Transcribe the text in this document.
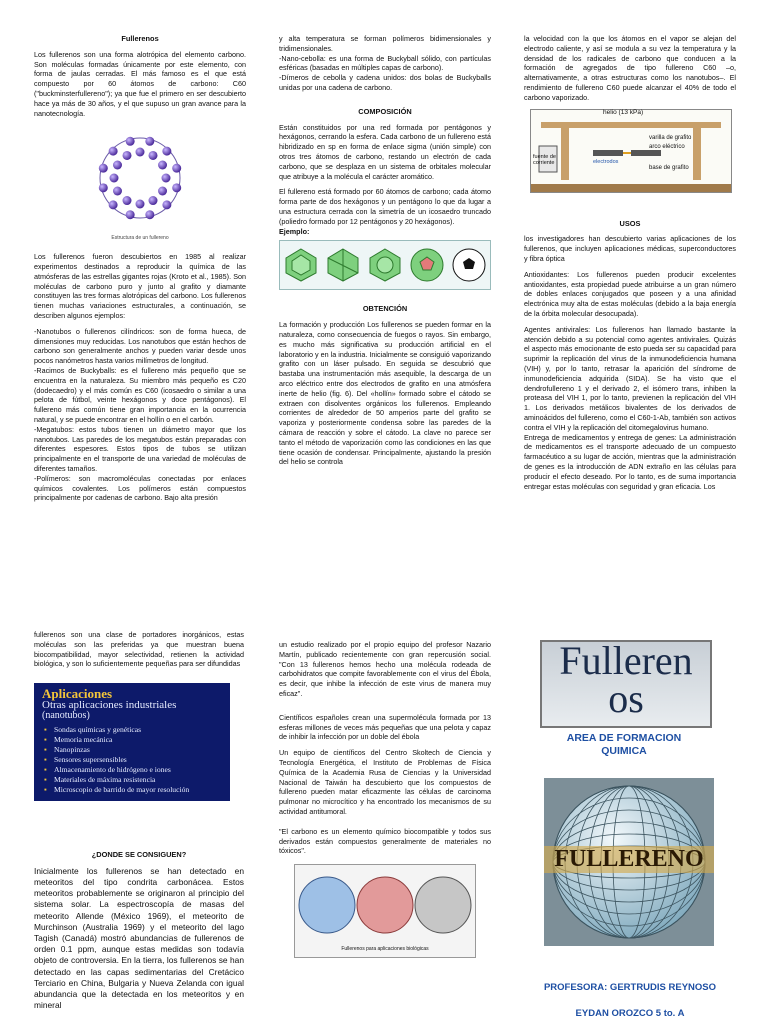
Fullerenos

Los fullerenos son una forma alotrópica del elemento carbono. Son moléculas formadas únicamente por este elemento, con forma de jaulas cerradas. El más famoso es el que está compuesto por 60 átomos de carbono: C60 ("buckminsterfullereno"); ya que fue el primero en ser descubierto hace ya más de 30 años, y el que supuso un gran avance para la nanotecnología.

Estructura de un fullereno

Los fullerenos fueron descubiertos en 1985 al realizar experimentos destinados a reproducir la química de las atmósferas de las estrellas gigantes rojas (Kroto et al., 1985). Son moléculas de carbono puro y junto al grafito y diamante constituyen las tres formas alotrópicas del carbono. Los fullerenos tienen muchas variaciones estructurales, a continuación, se describen algunos ejemplos:

-Nanotubos o fullerenos cilíndricos: son de forma hueca, de dimensiones muy reducidas. Los nanotubos que están hechos de carbono son generalmente anchos y pueden variar desde unos pocos nanómetros hasta varios milímetros de longitud.
-Racimos de Buckyballs: es el fullereno más pequeño que se encuentra en la naturaleza. Su miembro más pequeño es C20 (dodecaedro) y el más común es C60 (icosaedro o similar a una pelota de fútbol, veinte hexágonos y doce pentágonos). El fullereno más común tiene gran importancia en la ocurrencia natural, y se puede encontrar en el hollín o en el carbón.
-Megatubos: estos tubos tienen un diámetro mayor que los nanotubos. Las paredes de los megatubos están preparadas con diferentes espesores. Estos tipos de tubos se utilizan principalmente en el transporte de una variedad de moléculas de diferentes tamaños.
-Polímeros: son macromoléculas conectadas por enlaces químicos covalentes. Los polímeros están compuestos principalmente por cadenas de carbono. Bajo alta presión

y alta temperatura se forman polímeros bidimensionales y tridimensionales.
-Nano-cebolla: es una forma de Buckyball sólido, con partículas esféricas (basadas en múltiples capas de carbono).
-Dímeros de cebolla y cadena unidos: dos bolas de Buckyballs unidas por una cadena de carbono.

COMPOSICIÓN

Están constituidos por una red formada por pentágonos y hexágonos, cerrando la esfera. Cada carbono de un fullereno está hibridizado en sp en forma de enlace sigma (unión simple) con otros tres átomos de carbono, restando un electrón de cada carbono, que se desplaza en un sistema de orbitales molecular que atribuye a la molécula el carácter aromático.

El fullereno está formado por 60 átomos de carbono; cada átomo forma parte de dos hexágonos y un pentágono lo que da lugar a una estructura cerrada con la simetría de un icosaedro truncado (poliedro formado por 12 pentágonos y 20 hexágonos).

Ejemplo:
OBTENCIÓN

La formación y producción Los fullerenos se pueden formar en la naturaleza, como consecuencia de fuegos o rayos. Sin embargo, es mucho más significativa su producción artificial en el laboratorio y en la industria. Inicialmente se consiguió vaporizando grafito con un láser pulsado. En seguida se descubrió que bastaba una instrumentación más asequible, la descarga de un arco eléctrico entre dos electrodos de grafito en una atmósfera inerte de helio (fig. 6). Del «hollín» formado sobre el cátodo se extraen con disolventes orgánicos los fullerenos. Empleando corrientes de alrededor de 50 amperios parte del grafito se vaporiza y posteriormente condensa sobre las paredes de la cámara de reacción y sobre el cátodo. La clave no parece ser tanto el método de vaporización como las condiciones en las que tiene ocasión de condensar. Principalmente, ajustando la presión del helio se controla

la velocidad con la que los átomos en el vapor se alejan del electrodo caliente, y así se modula a su vez la temperatura y la densidad de los radicales de carbono que conducen a la formación de agregados de tipo fullereno C60 –o, alternativamente, a otras estructuras como los nanotubos–. El rendimiento de fullereno C60 puede alcanzar el 40% de todo el carbono vaporizado.

helio (13 kPa)
fuente de corriente	electrodos
varilla de grafito
arco eléctrico
base de grafito
USOS

los investigadores han descubierto varias aplicaciones de los fullerenos, que incluyen aplicaciones médicas, superconductores y fibra óptica

Antioxidantes: Los fullerenos pueden producir excelentes antioxidantes, esta propiedad puede atribuirse a un gran número de dobles enlaces conjugados que poseen y a una afinidad electrónica muy alta de estas moléculas (debido a la baja energía de la órbita molecular desocupada).

Agentes antivirales: Los fullerenos han llamado bastante la atención debido a su potencial como agentes antivirales. Quizás el aspecto más emocionante de esto pueda ser su capacidad para suprimir la replicación del virus de la inmunodeficiencia humana (VIH) y, por lo tanto, retrasar la aparición del síndrome de inmunodeficiencia adquirida (SIDA). Se ha visto que el dendrofullereno 1 y el derivado 2, el isómero trans, inhiben la proteasa del VIH 1, por lo tanto, previenen la replicación del VIH 1. Los derivados metálicos bivalentes de los derivados de aminoácidos del fullereno, como el C60-1-Ab, también son activos contra el VIH y la replicación del citomegalovirus humano.
Entrega de medicamentos y entrega de genes: La administración de medicamentos es el transporte adecuado de un compuesto farmacéutico a su lugar de acción, mientras que la administración de genes es la introducción de ADN extraño en las células para producir el efecto deseado. Por lo tanto, es de suma importancia entregar estas moléculas con seguridad y gran eficacia. Los

fullerenos son una clase de portadores inorgánicos, estas moléculas son las preferidas ya que muestran buena biocompatibilidad, mayor selectividad, retienen la actividad biológica, y son lo suficientemente pequeñas para ser difundidas

Aplicaciones
Otras aplicaciones industriales
(nanotubos)
▪ Sondas químicas y genéticas
▪ Memoria mecánica
▪ Nanopinzas
▪ Sensores supersensibles
▪ Almacenamiento de hidrógeno e iones
▪ Materiales de máxima resistencia
▪ Microscopio de barrido de mayor resolución
¿DONDE SE CONSIGUEN?

Inicialmente los fullerenos se han detectado en meteoritos del tipo condrita carbonácea. Estos meteoritos probablemente se originaron al principio del sistema solar. La espectroscopía de masas del meteorito Allende (México 1969), el meteorito de Murchinson (Australia 1969) y el meteorito del lago Tagish (Canadá) mostró abundancias de fullerenos de orden 0.1 ppm, aunque estas medidas son todavía objeto de controversia. En la tierra, los fullerenos se han detectado en las capas sedimentarias del Cretácico Terciario en China, Bulgaria y Nueva Zelanda con igual abundancia que la detectada en los meteoritos y en mineral

un estudio realizado por el propio equipo del profesor Nazario Martín, publicado recientemente con gran repercusión social. "Con 13 fullerenos hemos hecho una molécula rodeada de carbohidratos que compite favorablemente con el virus del Ébola, es decir, que inhibe la infección de este virus de manera muy eficaz".

Científicos españoles crean una supermolécula formada por 13 esferas millones de veces más pequeñas que una pelota y capaz de inhibir la infección por un doble del ébola

Un equipo de científicos del Centro Skoltech de Ciencia y Tecnología Energética, el Instituto de Problemas de Física Química de la Academia Rusa de Ciencias y la Universidad Nacional de Taiwán ha descubierto que los compuestos de fullereno pueden matar eficazmente las células de carcinoma pulmonar no microcítico y ha encontrado los mecanismos de su actividad antitumoral.

"El carbono es un elemento químico biocompatible y todos sus derivados están compuestos generalmente de materiales no tóxicos".

Fullerenos para aplicaciones biológicas
Fulleren
os
AREA DE FORMACION QUIMICA
FULLERENO
PROFESORA: GERTRUDIS REYNOSO
EYDAN OROZCO 5 to. A
